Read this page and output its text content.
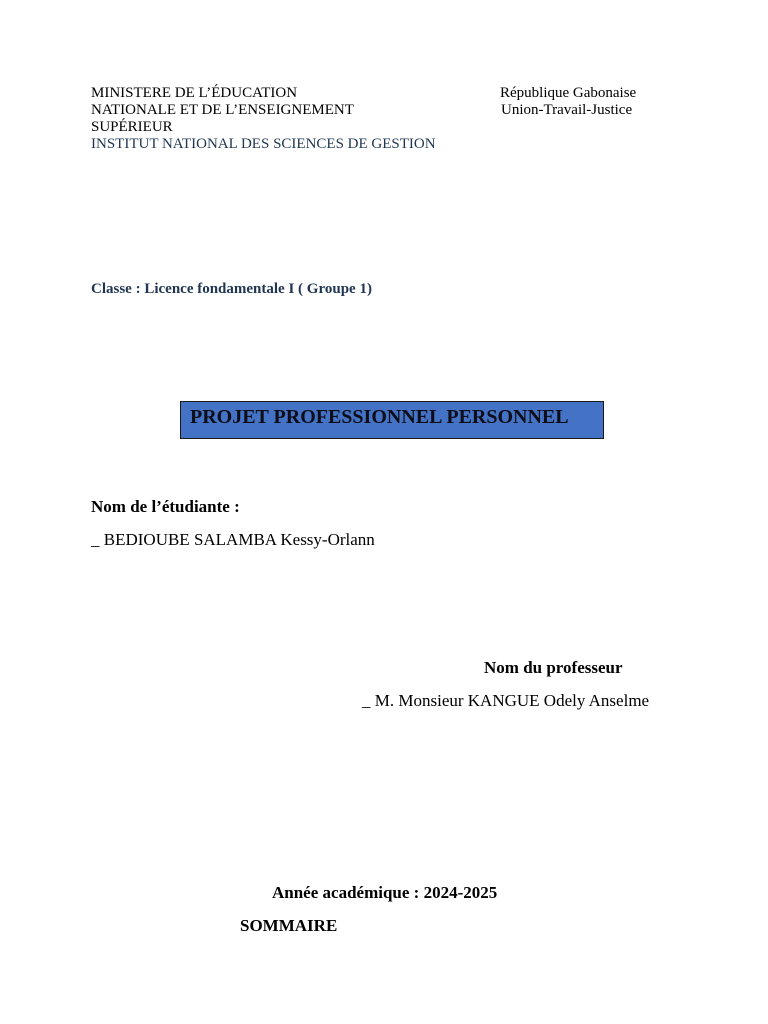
MINISTERE DE L’ÉDUCATION
NATIONALE ET DE L’ENSEIGNEMENT
SUPÉRIEUR
INSTITUT NATIONAL DES SCIENCES DE GESTION
République Gabonaise
Union-Travail-Justice
Classe : Licence fondamentale I ( Groupe 1)
PROJET PROFESSIONNEL PERSONNEL
Nom de l’étudiante :
_ BEDIOUBE SALAMBA Kessy-Orlann
Nom du professeur
_ M. Monsieur KANGUE Odely Anselme
Année académique : 2024-2025
SOMMAIRE
